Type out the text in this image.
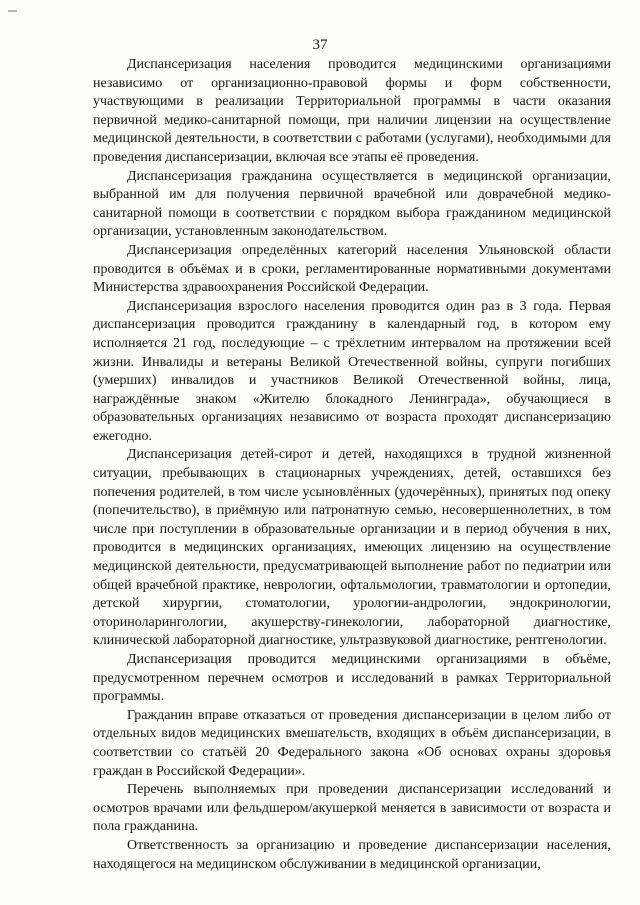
37

Диспансеризация населения проводится медицинскими организациями независимо от организационно-правовой формы и форм собственности, участвующими в реализации Территориальной программы в части оказания первичной медико-санитарной помощи, при наличии лицензии на осуществление медицинской деятельности, в соответствии с работами (услугами), необходимыми для проведения диспансеризации, включая все этапы её проведения.

Диспансеризация гражданина осуществляется в медицинской организации, выбранной им для получения первичной врачебной или доврачебной медико-санитарной помощи в соответствии с порядком выбора гражданином медицинской организации, установленным законодательством.

Диспансеризация определённых категорий населения Ульяновской области проводится в объёмах и в сроки, регламентированные нормативными документами Министерства здравоохранения Российской Федерации.

Диспансеризация взрослого населения проводится один раз в 3 года. Первая диспансеризация проводится гражданину в календарный год, в котором ему исполняется 21 год, последующие – с трёхлетним интервалом на протяжении всей жизни. Инвалиды и ветераны Великой Отечественной войны, супруги погибших (умерших) инвалидов и участников Великой Отечественной войны, лица, награждённые знаком «Жителю блокадного Ленинграда», обучающиеся в образовательных организациях независимо от возраста проходят диспансеризацию ежегодно.

Диспансеризация детей-сирот и детей, находящихся в трудной жизненной ситуации, пребывающих в стационарных учреждениях, детей, оставшихся без попечения родителей, в том числе усыновлённых (удочерённых), принятых под опеку (попечительство), в приёмную или патронатную семью, несовершеннолетних, в том числе при поступлении в образовательные организации и в период обучения в них, проводится в медицинских организациях, имеющих лицензию на осуществление медицинской деятельности, предусматривающей выполнение работ по педиатрии или общей врачебной практике, неврологии, офтальмологии, травматологии и ортопедии, детской хирургии, стоматологии, урологии-андрологии, эндокринологии, оториноларингологии, акушерству-гинекологии, лабораторной диагностике, клинической лабораторной диагностике, ультразвуковой диагностике, рентгенологии.

Диспансеризация проводится медицинскими организациями в объёме, предусмотренном перечнем осмотров и исследований в рамках Территориальной программы.

Гражданин вправе отказаться от проведения диспансеризации в целом либо от отдельных видов медицинских вмешательств, входящих в объём диспансеризации, в соответствии со статьёй 20 Федерального закона «Об основах охраны здоровья граждан в Российской Федерации».

Перечень выполняемых при проведении диспансеризации исследований и осмотров врачами или фельдшером/акушеркой меняется в зависимости от возраста и пола гражданина.

Ответственность за организацию и проведение диспансеризации населения, находящегося на медицинском обслуживании в медицинской организации,
